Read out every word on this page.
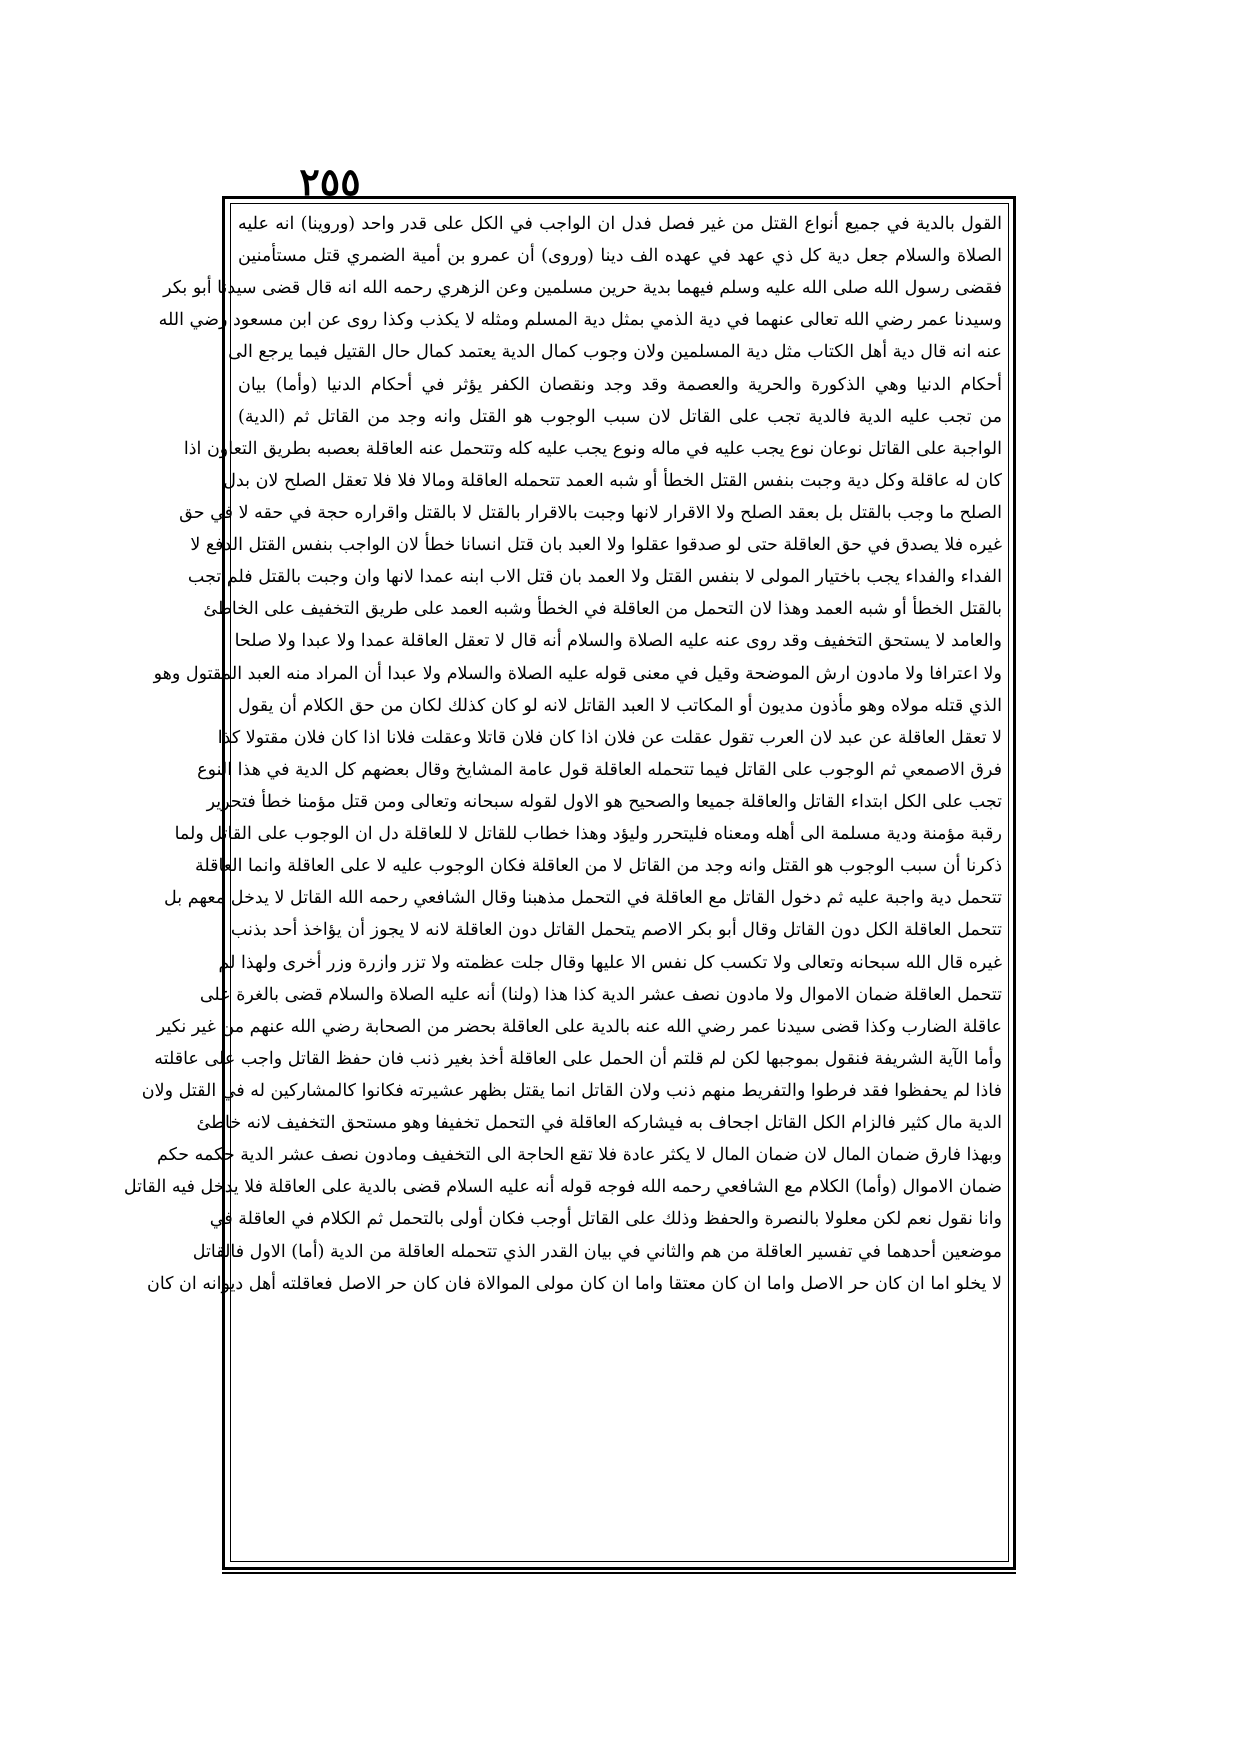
٢٥٥
القول بالدية في جميع أنواع القتل من غير فصل فدل ان الواجب في الكل على قدر واحد (وروينا) انه عليه
الصلاة والسلام جعل دية كل ذي عهد في عهده الف دينا (وروى) أن عمرو بن أمية الضمري قتل مستأمنين
فقضى رسول الله صلى الله عليه وسلم فيهما بدية حرين مسلمين وعن الزهري رحمه الله انه قال قضى سيدنا أبو بكر
وسيدنا عمر رضي الله تعالى عنهما في دية الذمي بمثل دية المسلم ومثله لا يكذب وكذا روى عن ابن مسعود رضي الله
عنه انه قال دية أهل الكتاب مثل دية المسلمين ولان وجوب كمال الدية يعتمد كمال حال القتيل فيما يرجع الى
أحكام الدنيا وهي الذكورة والحرية والعصمة وقد وجد ونقصان الكفر يؤثر في أحكام الدنيا (وأما) بيان
من تجب عليه الدية فالدية تجب على القاتل لان سبب الوجوب هو القتل وانه وجد من القاتل ثم (الدية)
الواجبة على القاتل نوعان نوع يجب عليه في ماله ونوع يجب عليه كله وتتحمل عنه العاقلة بعصبه بطريق التعاون اذا
كان له عاقلة وكل دية وجبت بنفس القتل الخطأ أو شبه العمد تتحمله العاقلة ومالا فلا فلا تعقل الصلح لان بدل
الصلح ما وجب بالقتل بل بعقد الصلح ولا الاقرار لانها وجبت بالاقرار بالقتل لا بالقتل واقراره حجة في حقه لا في حق
غيره فلا يصدق في حق العاقلة حتى لو صدقوا عقلوا ولا العبد بان قتل انسانا خطأ لان الواجب بنفس القتل الدفع لا
الفداء والفداء يجب باختيار المولى لا بنفس القتل ولا العمد بان قتل الاب ابنه عمدا لانها وان وجبت بالقتل فلم تجب
بالقتل الخطأ أو شبه العمد وهذا لان التحمل من العاقلة في الخطأ وشبه العمد على طريق التخفيف على الخاطئ
والعامد لا يستحق التخفيف وقد روى عنه عليه الصلاة والسلام أنه قال لا تعقل العاقلة عمدا ولا عبدا ولا صلحا
ولا اعترافا ولا مادون ارش الموضحة وقيل في معنى قوله عليه الصلاة والسلام ولا عبدا أن المراد منه العبد المقتول وهو
الذي قتله مولاه وهو مأذون مديون أو المكاتب لا العبد القاتل لانه لو كان كذلك لكان من حق الكلام أن يقول
لا تعقل العاقلة عن عبد لان العرب تقول عقلت عن فلان اذا كان فلان قاتلا وعقلت فلانا اذا كان فلان مقتولا كذا
فرق الاصمعي ثم الوجوب على القاتل فيما تتحمله العاقلة قول عامة المشايخ وقال بعضهم كل الدية في هذا النوع
تجب على الكل ابتداء القاتل والعاقلة جميعا والصحيح هو الاول لقوله سبحانه وتعالى ومن قتل مؤمنا خطأ فتحرير
رقبة مؤمنة ودية مسلمة الى أهله ومعناه فليتحرر وليؤد وهذا خطاب للقاتل لا للعاقلة دل ان الوجوب على القاتل ولما
ذكرنا أن سبب الوجوب هو القتل وانه وجد من القاتل لا من العاقلة فكان الوجوب عليه لا على العاقلة وانما العاقلة
تتحمل دية واجبة عليه ثم دخول القاتل مع العاقلة في التحمل مذهبنا وقال الشافعي رحمه الله القاتل لا يدخل معهم بل
تتحمل العاقلة الكل دون القاتل وقال أبو بكر الاصم يتحمل القاتل دون العاقلة لانه لا يجوز أن يؤاخذ أحد بذنب
غيره قال الله سبحانه وتعالى ولا تكسب كل نفس الا عليها وقال جلت عظمته ولا تزر وازرة وزر أخرى ولهذا لم
تتحمل العاقلة ضمان الاموال ولا مادون نصف عشر الدية كذا هذا (ولنا) أنه عليه الصلاة والسلام قضى بالغرة على
عاقلة الضارب وكذا قضى سيدنا عمر رضي الله عنه بالدية على العاقلة بحضر من الصحابة رضي الله عنهم من غير نكير
وأما الآية الشريفة فنقول بموجبها لكن لم قلتم أن الحمل على العاقلة أخذ بغير ذنب فان حفظ القاتل واجب على عاقلته
فاذا لم يحفظوا فقد فرطوا والتفريط منهم ذنب ولان القاتل انما يقتل بظهر عشيرته فكانوا كالمشاركين له في القتل ولان
الدية مال كثير فالزام الكل القاتل اجحاف به فيشاركه العاقلة في التحمل تخفيفا وهو مستحق التخفيف لانه خاطئ
وبهذا فارق ضمان المال لان ضمان المال لا يكثر عادة فلا تقع الحاجة الى التخفيف ومادون نصف عشر الدية حكمه حكم
ضمان الاموال (وأما) الكلام مع الشافعي رحمه الله فوجه قوله أنه عليه السلام قضى بالدية على العاقلة فلا يدخل فيه القاتل
وانا نقول نعم لكن معلولا بالنصرة والحفظ وذلك على القاتل أوجب فكان أولى بالتحمل ثم الكلام في العاقلة في
موضعين أحدهما في تفسير العاقلة من هم والثاني في بيان القدر الذي تتحمله العاقلة من الدية (أما) الاول فالقاتل
لا يخلو اما ان كان حر الاصل واما ان كان معتقا واما ان كان مولى الموالاة فان كان حر الاصل فعاقلته أهل ديوانه ان كان
